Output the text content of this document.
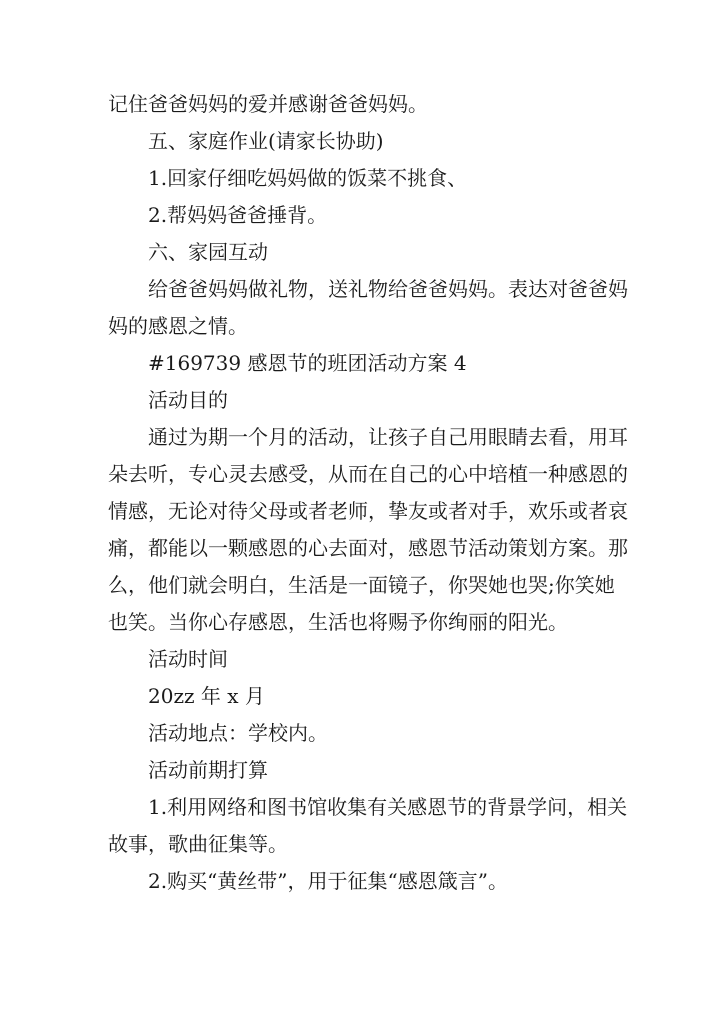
记住爸爸妈妈的爱并感谢爸爸妈妈。

五、家庭作业(请家长协助)

1.回家仔细吃妈妈做的饭菜不挑食、

2.帮妈妈爸爸捶背。

六、家园互动

给爸爸妈妈做礼物，送礼物给爸爸妈妈。表达对爸爸妈

妈的感恩之情。

#169739 感恩节的班团活动方案 4

活动目的

通过为期一个月的活动，让孩子自己用眼睛去看，用耳

朵去听，专心灵去感受，从而在自己的心中培植一种感恩的

情感，无论对待父母或者老师，挚友或者对手，欢乐或者哀

痛，都能以一颗感恩的心去面对，感恩节活动策划方案。那

么，他们就会明白，生活是一面镜子，你哭她也哭;你笑她

也笑。当你心存感恩，生活也将赐予你绚丽的阳光。

活动时间

20zz 年 x 月

活动地点：学校内。

活动前期打算

1.利用网络和图书馆收集有关感恩节的背景学问，相关

故事，歌曲征集等。

2.购买“黄丝带”，用于征集“感恩箴言”。
